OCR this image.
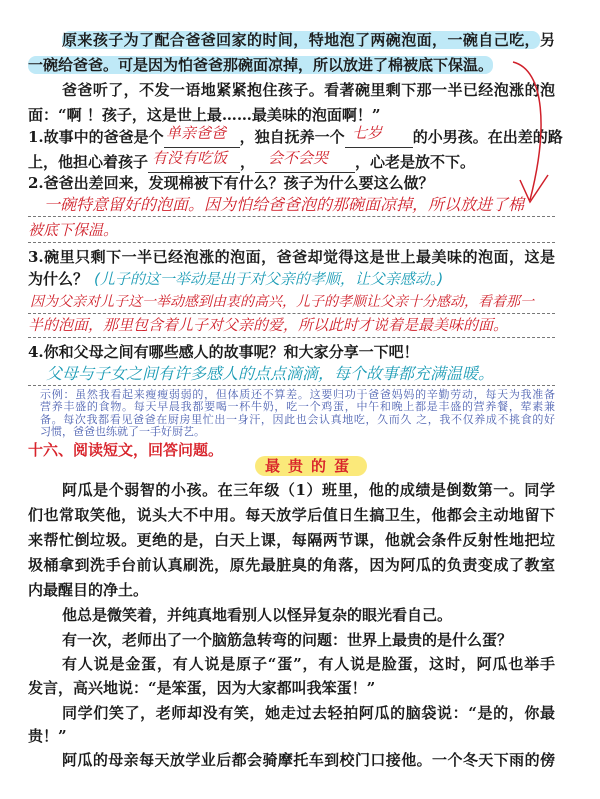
原来孩子为了配合爸爸回家的时间，特地泡了两碗泡面，一碗自己吃，另
一碗给爸爸。可是因为怕爸爸那碗面凉掉，所以放进了棉被底下保温。
爸爸听了，不发一语地紧紧抱住孩子。看著碗里剩下那一半已经泡涨的泡
面：“啊 ！孩子，这是世上最……最美味的泡面啊！”
1.故事中的爸爸是个	，独自抚养一个	的小男孩。在出差的路
单亲爸爸	七岁
上，他担心着孩子	，	，心老是放不下。
有没有吃饭	会不会哭
2.爸爸出差回来，发现棉被下有什么？孩子为什么要这么做？
一碗特意留好的泡面。因为怕给爸爸泡的那碗面凉掉，所以放进了棉
被底下保温。
3.碗里只剩下一半已经泡涨的泡面，爸爸却觉得这是世上最美味的泡面，这是
为什么？ (儿子的这一举动是出于对父亲的孝顺，让父亲感动。)
因为父亲对儿子这一举动感到由衷的高兴，儿子的孝顺让父亲十分感动，看着那一
半的泡面，那里包含着儿子对父亲的爱，所以此时才说着是最美味的面。
4.你和父母之间有哪些感人的故事呢？和大家分享一下吧！
父母与子女之间有许多感人的点点滴滴，每个故事都充满温暖。
示例：虽然我看起来瘦瘦弱弱的，但体质还不算差。这要归功于爸爸妈妈的辛勤劳动，每天为我准备
营养丰盛的食物。每天早晨我都要喝一杯牛奶，吃一个鸡蛋，中午和晚上都是丰盛的营养餐，荤素兼
备。每次我都看见爸爸在厨房里忙出一身汗，因此也会认真地吃，久而久 之，我不仅养成不挑食的好
习惯，爸爸也练就了一手好厨艺。
十六、阅读短文，回答问题。
最贵的蛋
阿瓜是个弱智的小孩。在三年级（1）班里，他的成绩是倒数第一。同学
们也常取笑他，说头大不中用。每天放学后值日生搞卫生，他都会主动地留下
来帮忙倒垃圾。更绝的是，白天上课，每隔两节课，他就会条件反射性地把垃
圾桶拿到洗手台前认真刷洗，原先最脏臭的角落，因为阿瓜的负责变成了教室
内最醒目的净土。
他总是微笑着，并纯真地看别人以怪异复杂的眼光看自己。
有一次，老师出了一个脑筋急转弯的问题：世界上最贵的是什么蛋？
有人说是金蛋，有人说是原子“蛋”，有人说是脸蛋，这时，阿瓜也举手
发言，高兴地说：“是笨蛋，因为大家都叫我笨蛋！”
同学们笑了，老师却没有笑，她走过去轻拍阿瓜的脑袋说：“是的，你最
贵！”
阿瓜的母亲每天放学业后都会骑摩托车到校门口接他。一个冬天下雨的傍
